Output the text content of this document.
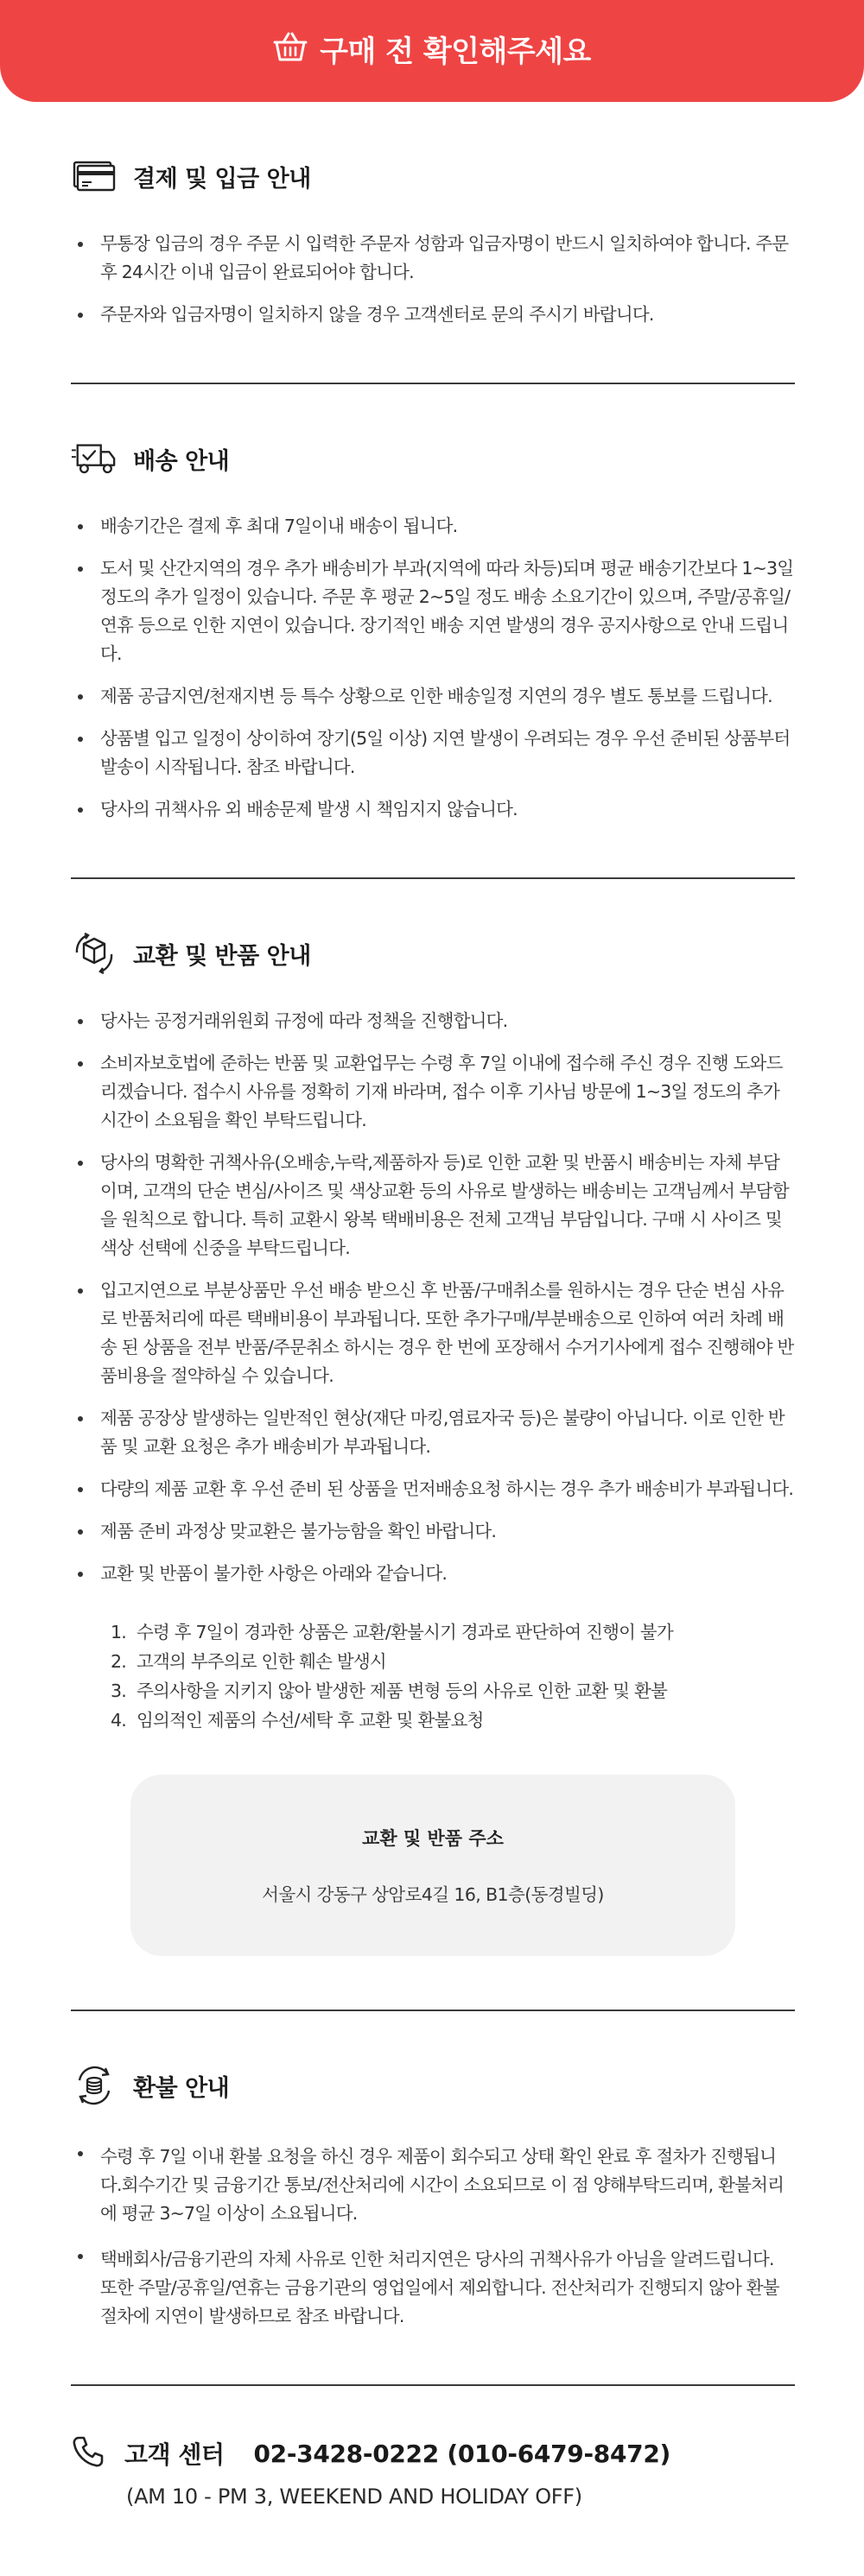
구매 전 확인해주세요
결제 및 입금 안내
무통장 입금의 경우 주문 시 입력한 주문자 성함과 입금자명이 반드시 일치하여야 합니다. 주문 후 24시간 이내 입금이 완료되어야 합니다.
주문자와 입금자명이 일치하지 않을 경우 고객센터로 문의 주시기 바랍니다.
배송 안내
배송기간은 결제 후 최대 7일이내 배송이 됩니다.
도서 및 산간지역의 경우 추가 배송비가 부과(지역에 따라 차등)되며 평균 배송기간보다 1~3일 정도의 추가 일정이 있습니다. 주문 후 평균 2~5일 정도 배송 소요기간이 있으며, 주말/공휴일/연휴 등으로 인한 지연이 있습니다. 장기적인 배송 지연 발생의 경우 공지사항으로 안내 드립니다.
제품 공급지연/천재지변 등 특수 상황으로 인한 배송일정 지연의 경우 별도 통보를 드립니다.
상품별 입고 일정이 상이하여 장기(5일 이상) 지연 발생이 우려되는 경우 우선 준비된 상품부터 발송이 시작됩니다. 참조 바랍니다.
당사의 귀책사유 외 배송문제 발생 시 책임지지 않습니다.
교환 및 반품 안내
당사는 공정거래위원회 규정에 따라 정책을 진행합니다.
소비자보호법에 준하는 반품 및 교환업무는 수령 후 7일 이내에 접수해 주신 경우 진행 도와드리겠습니다. 접수시 사유를 정확히 기재 바라며, 접수 이후 기사님 방문에 1~3일 정도의 추가 시간이 소요됨을 확인 부탁드립니다.
당사의 명확한 귀책사유(오배송,누락,제품하자 등)로 인한 교환 및 반품시 배송비는 자체 부담이며, 고객의 단순 변심/사이즈 및 색상교환 등의 사유로 발생하는 배송비는 고객님께서 부담함을 원칙으로 합니다. 특히 교환시 왕복 택배비용은 전체 고객님 부담입니다. 구매 시 사이즈 및 색상 선택에 신중을 부탁드립니다.
입고지연으로 부분상품만 우선 배송 받으신 후 반품/구매취소를 원하시는 경우 단순 변심 사유로 반품처리에 따른 택배비용이 부과됩니다. 또한 추가구매/부분배송으로 인하여 여러 차례 배송 된 상품을 전부 반품/주문취소 하시는 경우 한 번에 포장해서 수거기사에게 접수 진행해야 반품비용을 절약하실 수 있습니다.
제품 공장상 발생하는 일반적인 현상(재단 마킹,염료자국 등)은 불량이 아닙니다. 이로 인한 반품 및 교환 요청은 추가 배송비가 부과됩니다.
다량의 제품 교환 후 우선 준비 된 상품을 먼저배송요청 하시는 경우 추가 배송비가 부과됩니다.
제품 준비 과정상 맞교환은 불가능함을 확인 바랍니다.
교환 및 반품이 불가한 사항은 아래와 같습니다.
1. 수령 후 7일이 경과한 상품은 교환/환불시기 경과로 판단하여 진행이 불가
2. 고객의 부주의로 인한 훼손 발생시
3. 주의사항을 지키지 않아 발생한 제품 변형 등의 사유로 인한 교환 및 환불
4. 임의적인 제품의 수선/세탁 후 교환 및 환불요청
교환 및 반품 주소
서울시 강동구 상암로4길 16, B1층(동경빌딩)
환불 안내
수령 후 7일 이내 환불 요청을 하신 경우 제품이 회수되고 상태 확인 완료 후 절차가 진행됩니다.회수기간 및 금융기간 통보/전산처리에 시간이 소요되므로 이 점 양해부탁드리며, 환불처리에 평균 3~7일 이상이 소요됩니다.
택배회사/금융기관의 자체 사유로 인한 처리지연은 당사의 귀책사유가 아님을 알려드립니다. 또한 주말/공휴일/연휴는 금융기관의 영업일에서 제외합니다. 전산처리가 진행되지 않아 환불 절차에 지연이 발생하므로 참조 바랍니다.
고객 센터 02-3428-0222 (010-6479-8472)
(AM 10 - PM 3, WEEKEND AND HOLIDAY OFF)
